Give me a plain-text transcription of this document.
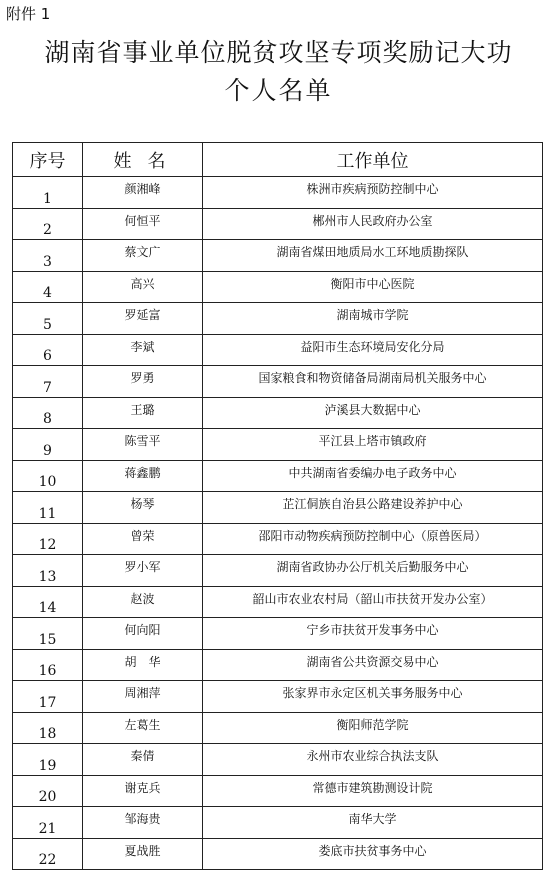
附件 1
湖南省事业单位脱贫攻坚专项奖励记大功
个人名单
序号	姓名	工作单位
1	颜湘峰	株洲市疾病预防控制中心
2	何恒平	郴州市人民政府办公室
3	蔡文广	湖南省煤田地质局水工环地质勘探队
4	高兴	衡阳市中心医院
5	罗延富	湖南城市学院
6	李斌	益阳市生态环境局安化分局
7	罗勇	国家粮食和物资储备局湖南局机关服务中心
8	王璐	泸溪县大数据中心
9	陈雪平	平江县上塔市镇政府
10	蒋鑫鹏	中共湖南省委编办电子政务中心
11	杨琴	芷江侗族自治县公路建设养护中心
12	曾荣	邵阳市动物疾病预防控制中心（原兽医局）
13	罗小军	湖南省政协办公厅机关后勤服务中心
14	赵波	韶山市农业农村局（韶山市扶贫开发办公室）
15	何向阳	宁乡市扶贫开发事务中心
16	胡　华	湖南省公共资源交易中心
17	周湘萍	张家界市永定区机关事务服务中心
18	左葛生	衡阳师范学院
19	秦倩	永州市农业综合执法支队
20	谢克兵	常德市建筑勘测设计院
21	邹海贵	南华大学
22	夏战胜	娄底市扶贫事务中心
